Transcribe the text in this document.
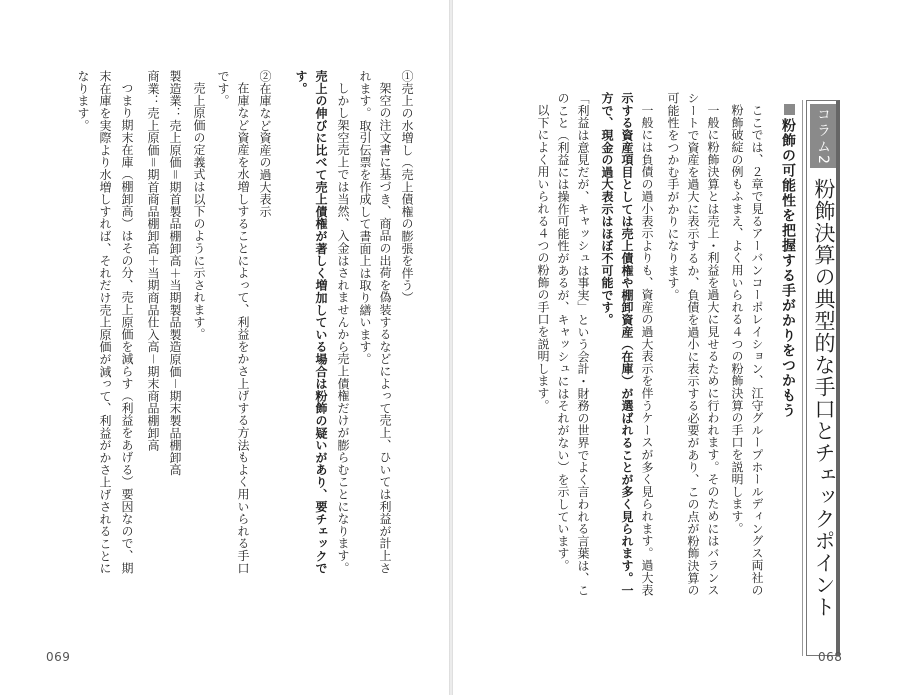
コラム2
粉飾決算の典型的な手口とチェックポイント
粉飾の可能性を把握する手がかりをつかもう

ここでは、２章で見るアーバンコーポレイション、江守グループホールディングス両社の

粉飾破綻の例もふまえ、よく用いられる４つの粉飾決算の手口を説明します。

一般に粉飾決算とは売上・利益を過大に見せるために行われます。そのためにはバランス

シートで資産を過大に表示するか、負債を過小に表示する必要があり、この点が粉飾決算の

可能性をつかむ手がかりになります。

一般には負債の過小表示よりも、資産の過大表示を伴うケースが多く見られます。過大表

示する資産項目としては売上債権や棚卸資産（在庫）が選ばれることが多く見られます。一

方で、現金の過大表示はほぼ不可能です。

「利益は意見だが、キャッシュは事実」という会計・財務の世界でよく言われる言葉は、こ

のこと（利益には操作可能性があるが、キャッシュにはそれがない）を示しています。

以下によく用いられる４つの粉飾の手口を説明します。

068

①売上の水増し（売上債権の膨張を伴う）

架空の注文書に基づき、商品の出荷を偽装するなどによって売上、ひいては利益が計上さ

れます。取引伝票を作成して書面上は取り繕います。

しかし架空売上では当然、入金はされませんから売上債権だけが膨らむことになります。

売上の伸びに比べて売上債権が著しく増加している場合は粉飾の疑いがあり、要チェックで

す。

②在庫など資産の過大表示

在庫など資産を水増しすることによって、利益をかさ上げする方法もよく用いられる手口

です。

売上原価の定義式は以下のように示されます。

製造業：売上原価＝期首製品棚卸高＋当期製品製造原価－期末製品棚卸高

商業：売上原価＝期首商品棚卸高＋当期商品仕入高－期末商品棚卸高

つまり期末在庫（棚卸高）はその分、売上原価を減らす（利益をあげる）要因なので、期

末在庫を実際より水増しすれば、それだけ売上原価が減って、利益がかさ上げされることに

なります。

069
